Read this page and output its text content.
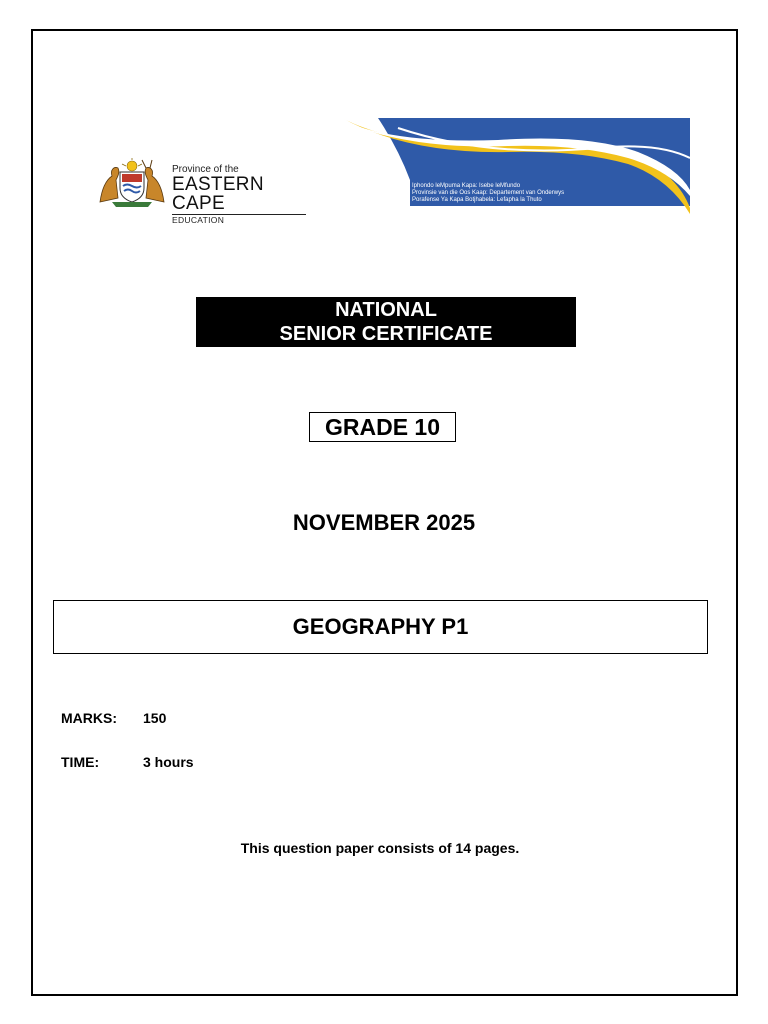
Province of the
EASTERN CAPE
EDUCATION
Iphondo leMpuma Kapa: Isebe leMfundo
Provinsie van die Oos Kaap: Departement van Onderwys
Porafense Ya Kapa Botjhabela: Lefapha la Thuto
NATIONAL
SENIOR CERTIFICATE
GRADE 10
NOVEMBER 2025
GEOGRAPHY P1
MARKS: 150
TIME:	3 hours
This question paper consists of 14 pages.
